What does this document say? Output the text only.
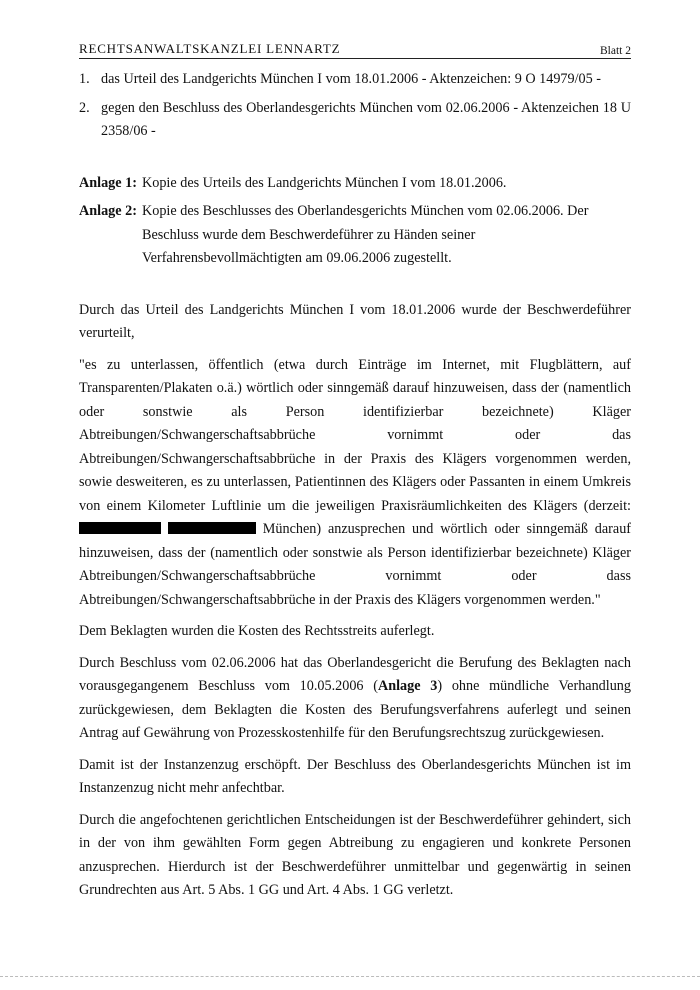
RECHTSANWALTSKANZLEI LENNARTZ	Blatt 2
1. das Urteil des Landgerichts München I vom 18.01.2006 - Aktenzeichen: 9 O 14979/05 -
2. gegen den Beschluss des Oberlandesgerichts München vom 02.06.2006 - Aktenzeichen 18 U 2358/06 -
Anlage 1: Kopie des Urteils des Landgerichts München I vom 18.01.2006.
Anlage 2: Kopie des Beschlusses des Oberlandesgerichts München vom 02.06.2006. Der Beschluss wurde dem Beschwerdeführer zu Händen seiner Verfahrensbevollmächtigten am 09.06.2006 zugestellt.

Durch das Urteil des Landgerichts München I vom 18.01.2006 wurde der Beschwerdeführer verurteilt,

"es zu unterlassen, öffentlich (etwa durch Einträge im Internet, mit Flugblättern, auf Transparenten/Plakaten o.ä.) wörtlich oder sinngemäß darauf hinzuweisen, dass der (namentlich oder sonstwie als Person identifizierbar bezeichnete) Kläger Abtreibungen/Schwangerschaftsabbrüche vornimmt oder das Abtreibungen/Schwangerschaftsabbrüche in der Praxis des Klägers vorgenommen werden, sowie desweiteren, es zu unterlassen, Patientinnen des Klägers oder Passanten in einem Umkreis von einem Kilometer Luftlinie um die jeweiligen Praxisräumlichkeiten des Klägers (derzeit:   München) anzusprechen und wörtlich oder sinngemäß darauf hinzuweisen, dass der (namentlich oder sonstwie als Person identifizierbar bezeichnete) Kläger Abtreibungen/Schwangerschaftsabbrüche vornimmt oder dass Abtreibungen/Schwangerschaftsabbrüche in der Praxis des Klägers vorgenommen werden."

Dem Beklagten wurden die Kosten des Rechtsstreits auferlegt.

Durch Beschluss vom 02.06.2006 hat das Oberlandesgericht die Berufung des Beklagten nach vorausgegangenem Beschluss vom 10.05.2006 (Anlage 3) ohne mündliche Verhandlung zurückgewiesen, dem Beklagten die Kosten des Berufungsverfahrens auferlegt und seinen Antrag auf Gewährung von Prozesskostenhilfe für den Berufungsrechtszug zurückgewiesen.

Damit ist der Instanzenzug erschöpft. Der Beschluss des Oberlandesgerichts München ist im Instanzenzug nicht mehr anfechtbar.

Durch die angefochtenen gerichtlichen Entscheidungen ist der Beschwerdeführer gehindert, sich in der von ihm gewählten Form gegen Abtreibung zu engagieren und konkrete Personen anzusprechen. Hierdurch ist der Beschwerdeführer unmittelbar und gegenwärtig in seinen Grundrechten aus Art. 5 Abs. 1 GG und Art. 4 Abs. 1 GG verletzt.
